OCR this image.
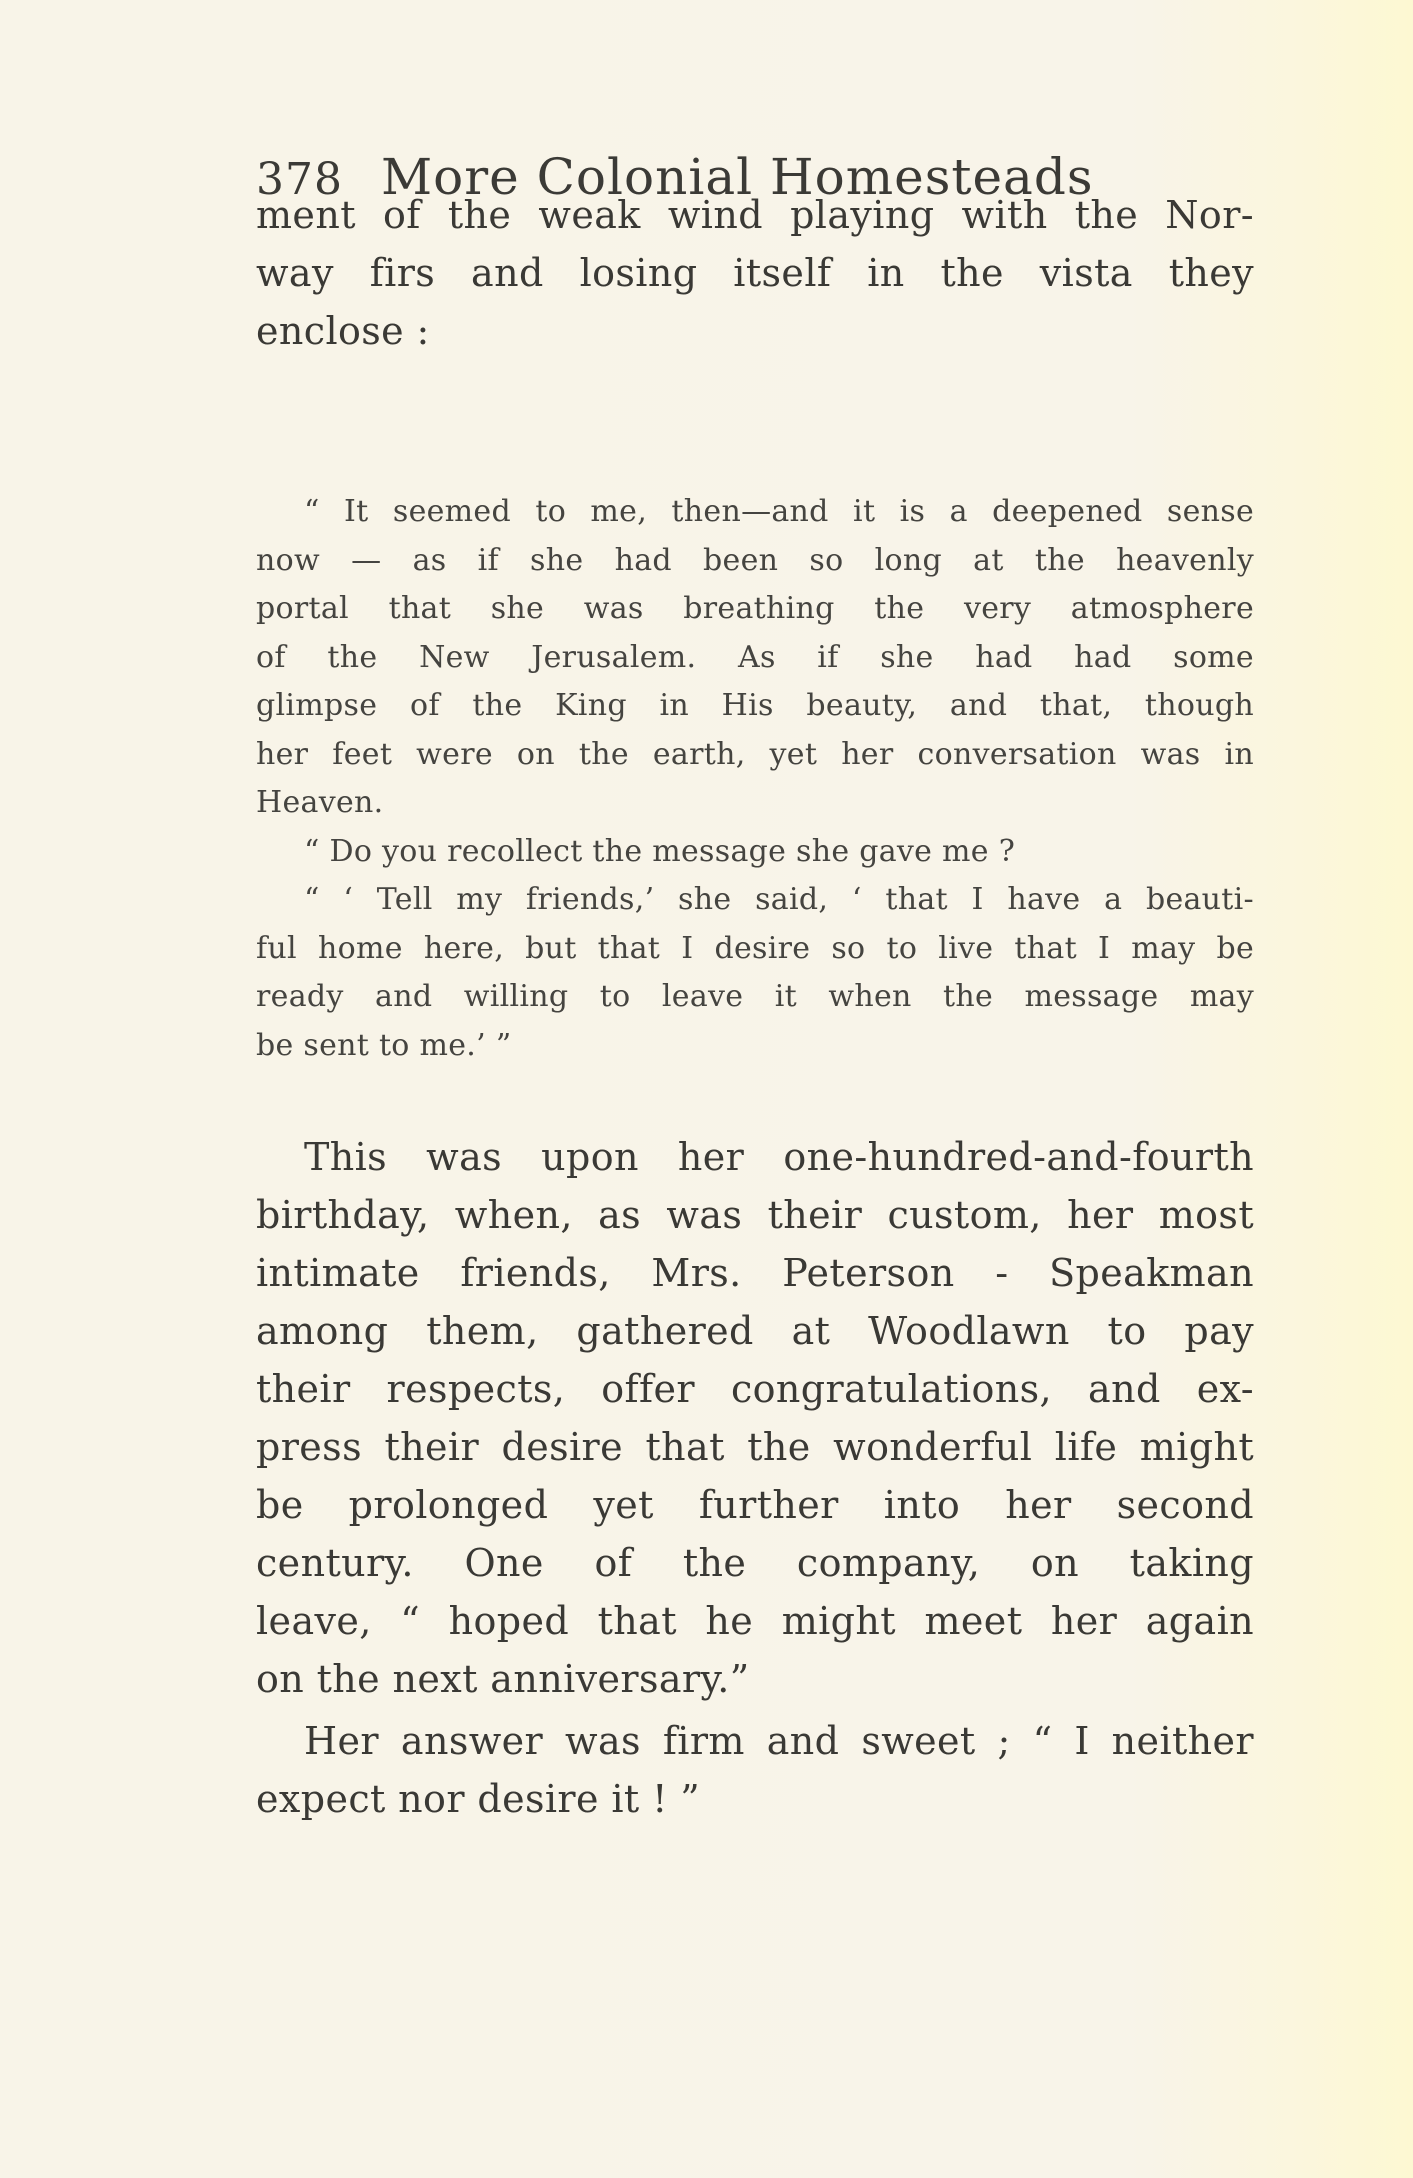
378 More Colonial Homesteads
ment of the weak wind playing with the Nor-
way firs and losing itself in the vista they
enclose :
“ It seemed to me, then—and it is a deepened sense
now — as if she had been so long at the heavenly
portal that she was breathing the very atmosphere
of the New Jerusalem. As if she had had some
glimpse of the King in His beauty, and that, though
her feet were on the earth, yet her conversation was in
Heaven.
“ Do you recollect the message she gave me ?
“ ‘ Tell my friends,’ she said, ‘ that I have a beauti-
ful home here, but that I desire so to live that I may be
ready and willing to leave it when the message may
be sent to me.’ ”
This was upon her one-hundred-and-fourth
birthday, when, as was their custom, her most
intimate friends, Mrs. Peterson - Speakman
among them, gathered at Woodlawn to pay
their respects, offer congratulations, and ex-
press their desire that the wonderful life might
be prolonged yet further into her second
century. One of the company, on taking
leave, “ hoped that he might meet her again
on the next anniversary.”
Her answer was firm and sweet ; “ I neither
expect nor desire it ! ”
